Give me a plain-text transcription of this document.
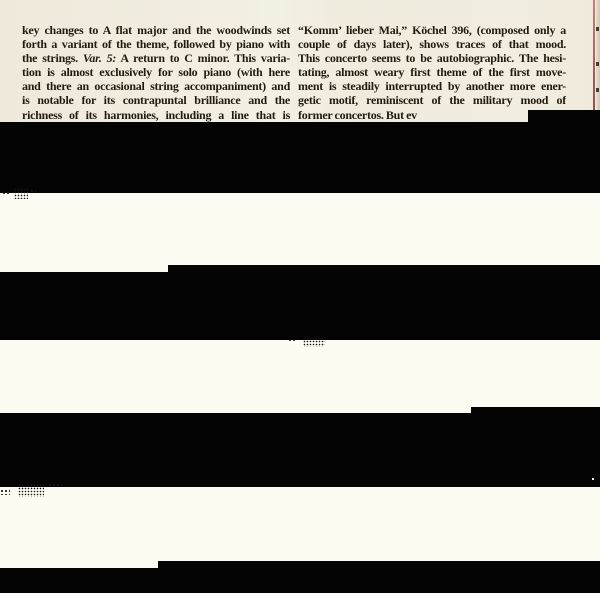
key changes to A flat major and the woodwinds set
forth a variant of the theme, followed by piano with
the strings. Var. 5: A return to C minor. This varia-
tion is almost exclusively for solo piano (with here
and there an occasional string accompaniment) and
is notable for its contrapuntal brilliance and the
richness of its harmonies, including a line that is
“Komm’ lieber Mai,” Köchel 396, (composed only a
couple of days later), shows traces of that mood.
This concerto seems to be autobiographic. The hesi-
tating, almost weary first theme of the first move-
ment is steadily interrupted by another more ener-
getic motif, reminiscent of the military mood of
former concertos. But ev
